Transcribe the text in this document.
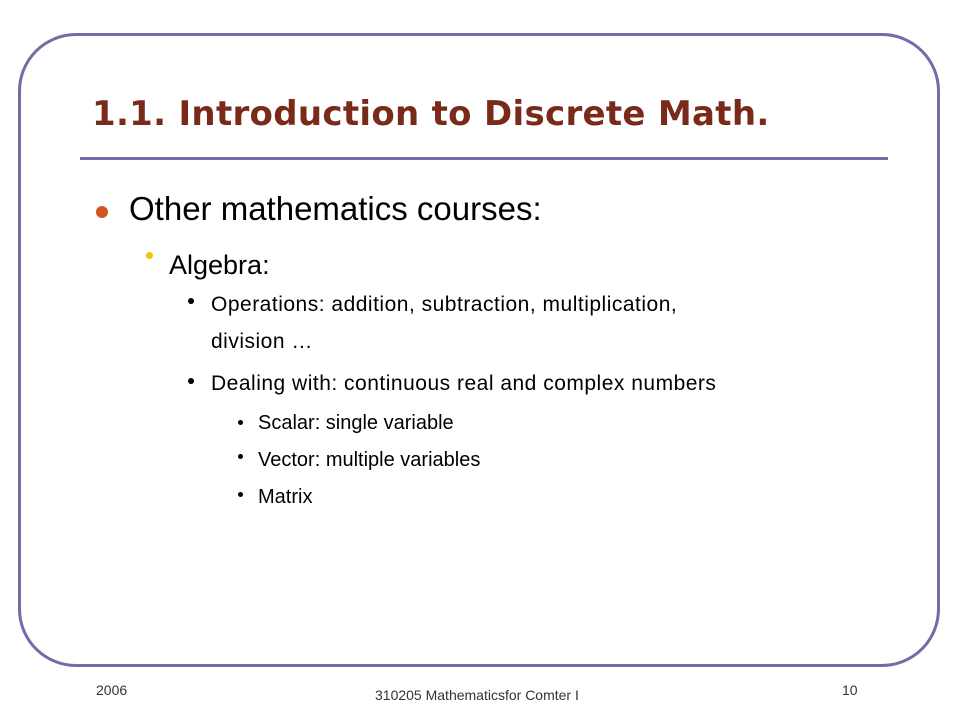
1.1. Introduction to Discrete Math.
Other mathematics courses:
Algebra:
Operations: addition, subtraction, multiplication,
division …
Dealing with: continuous real and complex numbers
Scalar: single variable
Vector: multiple variables
Matrix
2006	310205 Mathematicsfor Comter I	10
